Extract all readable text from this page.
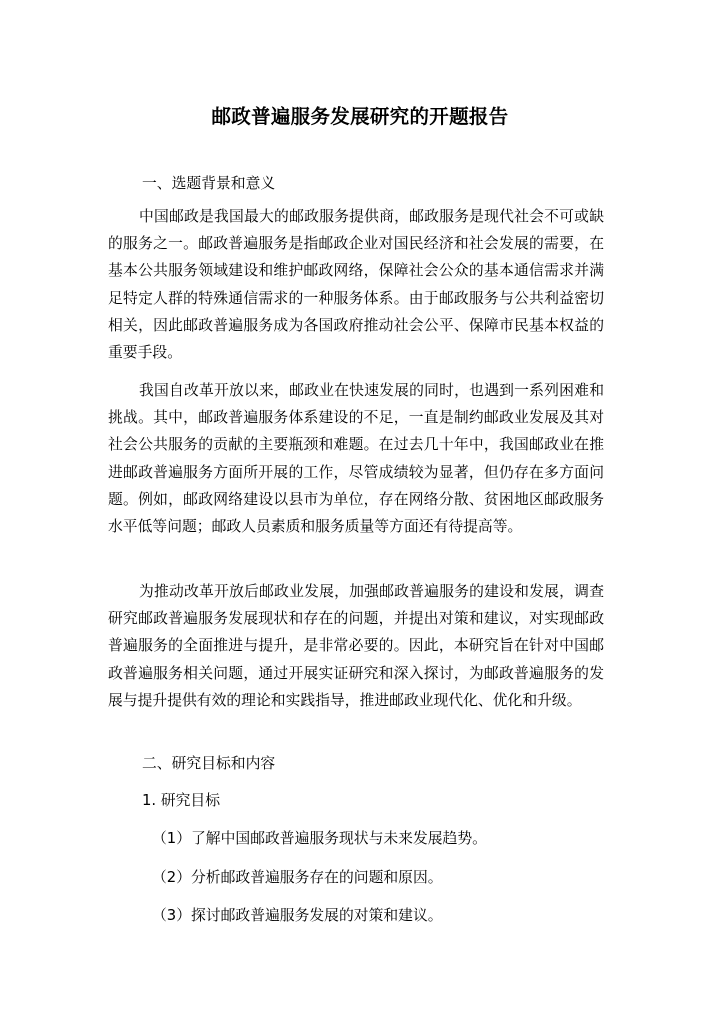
邮政普遍服务发展研究的开题报告

一、选题背景和意义

中国邮政是我国最大的邮政服务提供商，邮政服务是现代社会不可或缺的服务之一。邮政普遍服务是指邮政企业对国民经济和社会发展的需要，在基本公共服务领域建设和维护邮政网络，保障社会公众的基本通信需求并满足特定人群的特殊通信需求的一种服务体系。由于邮政服务与公共利益密切相关，因此邮政普遍服务成为各国政府推动社会公平、保障市民基本权益的重要手段。

我国自改革开放以来，邮政业在快速发展的同时，也遇到一系列困难和挑战。其中，邮政普遍服务体系建设的不足，一直是制约邮政业发展及其对社会公共服务的贡献的主要瓶颈和难题。在过去几十年中，我国邮政业在推进邮政普遍服务方面所开展的工作，尽管成绩较为显著，但仍存在多方面问题。例如，邮政网络建设以县市为单位，存在网络分散、贫困地区邮政服务水平低等问题；邮政人员素质和服务质量等方面还有待提高等。

为推动改革开放后邮政业发展，加强邮政普遍服务的建设和发展，调查研究邮政普遍服务发展现状和存在的问题，并提出对策和建议，对实现邮政普遍服务的全面推进与提升，是非常必要的。因此，本研究旨在针对中国邮政普遍服务相关问题，通过开展实证研究和深入探讨，为邮政普遍服务的发展与提升提供有效的理论和实践指导，推进邮政业现代化、优化和升级。

二、研究目标和内容

1. 研究目标

（1）了解中国邮政普遍服务现状与未来发展趋势。

（2）分析邮政普遍服务存在的问题和原因。

（3）探讨邮政普遍服务发展的对策和建议。
